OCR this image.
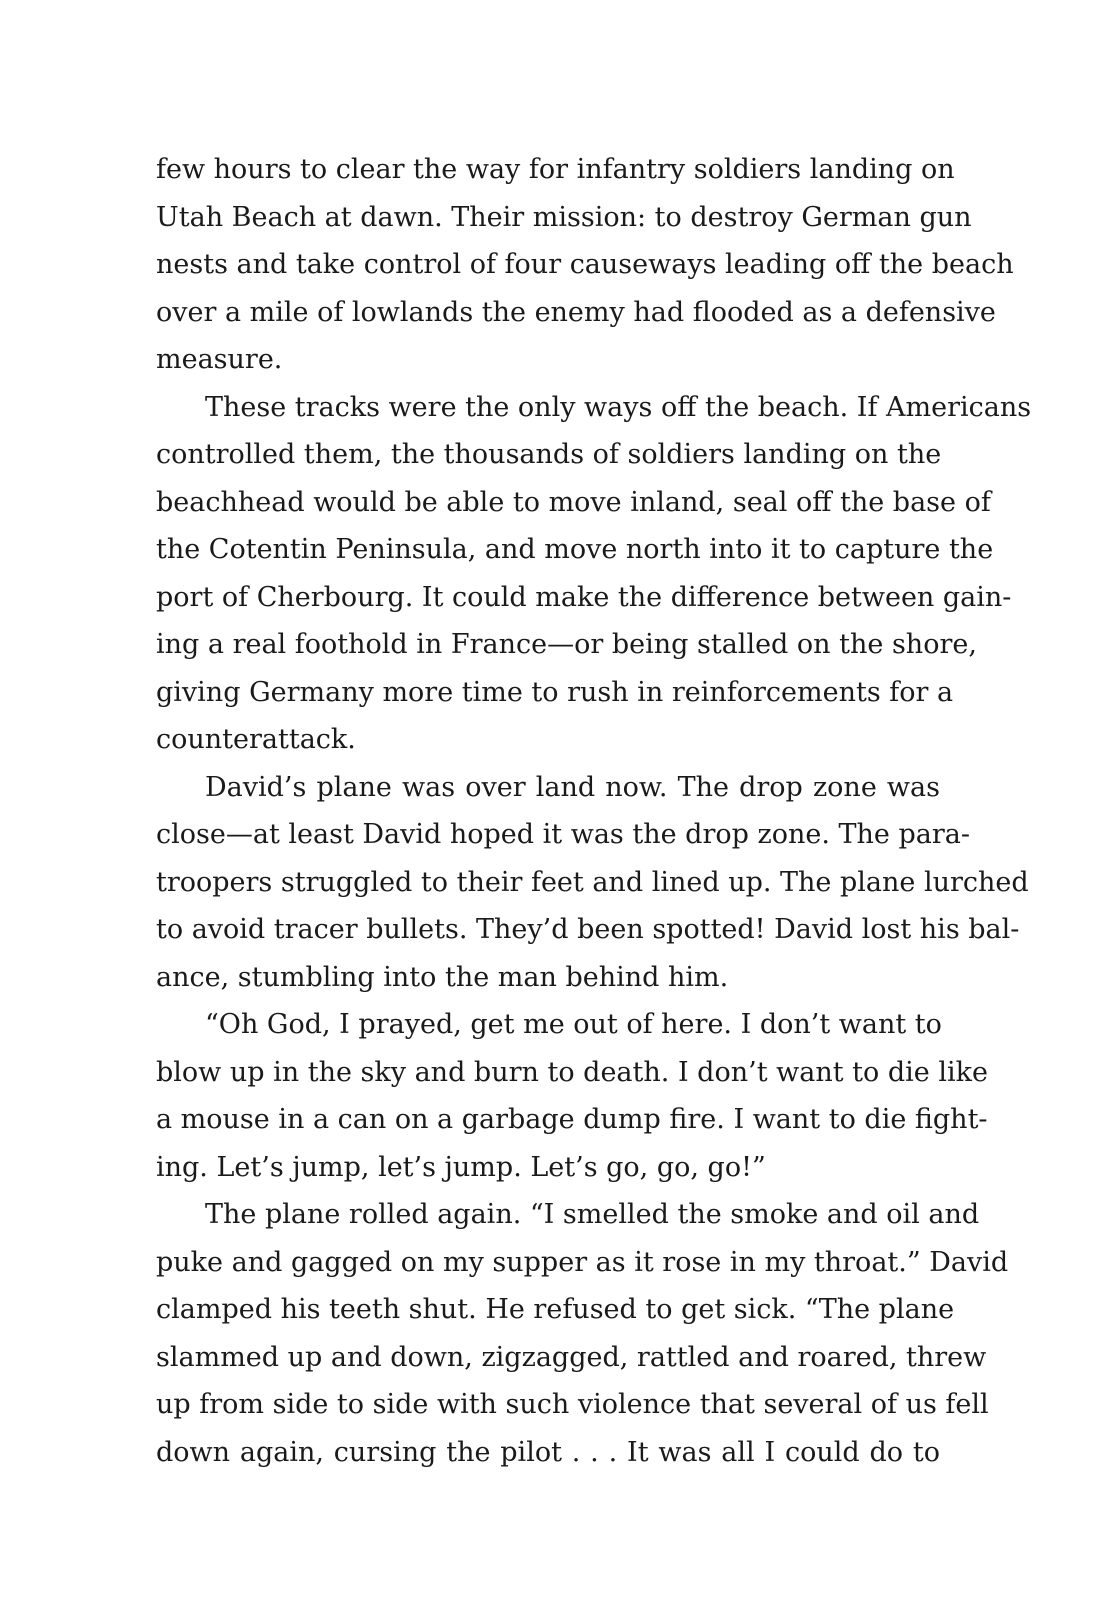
few hours to clear the way for infantry soldiers landing on
Utah Beach at dawn. Their mission: to destroy German gun
nests and take control of four causeways leading off the beach
over a mile of lowlands the enemy had flooded as a defensive
measure.
These tracks were the only ways off the beach. If Americans
controlled them, the thousands of soldiers landing on the
beachhead would be able to move inland, seal off the base of
the Cotentin Peninsula, and move north into it to capture the
port of Cherbourg. It could make the difference between gain-
ing a real foothold in France—or being stalled on the shore,
giving Germany more time to rush in reinforcements for a
counterattack.
David’s plane was over land now. The drop zone was
close—at least David hoped it was the drop zone. The para-
troopers struggled to their feet and lined up. The plane lurched
to avoid tracer bullets. They’d been spotted! David lost his bal-
ance, stumbling into the man behind him.
“Oh God, I prayed, get me out of here. I don’t want to
blow up in the sky and burn to death. I don’t want to die like
a mouse in a can on a garbage dump fire. I want to die fight-
ing. Let’s jump, let’s jump. Let’s go, go, go!”
The plane rolled again. “I smelled the smoke and oil and
puke and gagged on my supper as it rose in my throat.” David
clamped his teeth shut. He refused to get sick. “The plane
slammed up and down, zigzagged, rattled and roared, threw
up from side to side with such violence that several of us fell
down again, cursing the pilot . . . It was all I could do to
